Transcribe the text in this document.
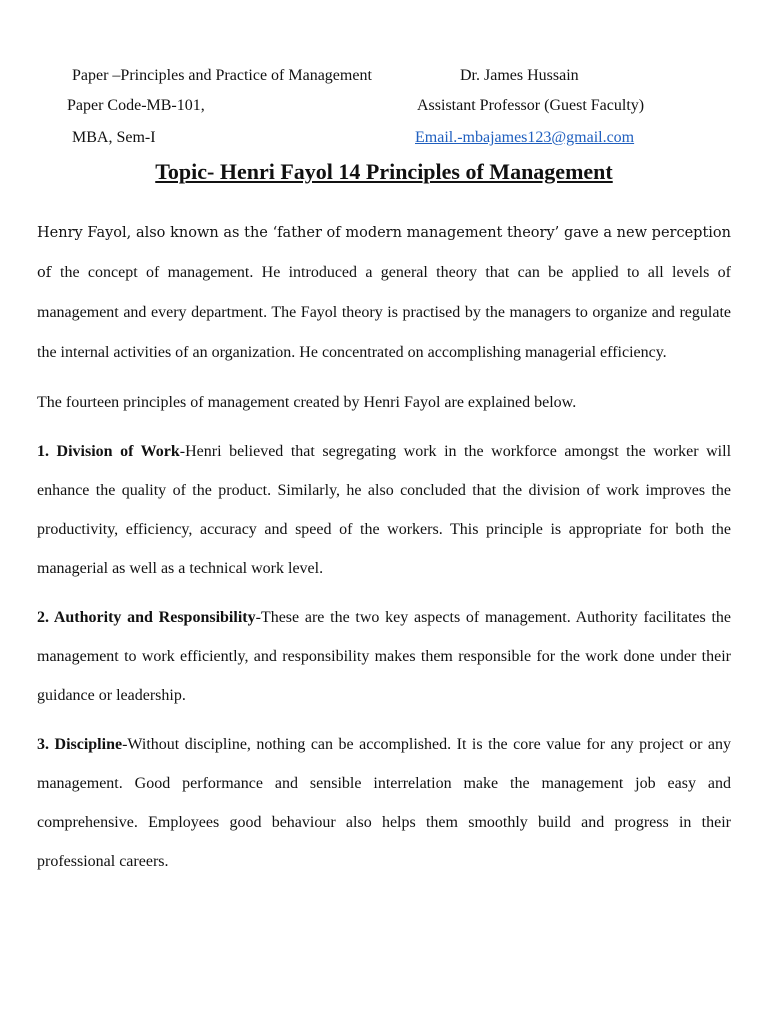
Paper –Principles and Practice of Management	Dr. James Hussain
Paper Code-MB-101,	Assistant Professor (Guest Faculty)
MBA, Sem-I	Email.-mbajames123@gmail.com
Topic- Henri Fayol 14 Principles of Management

Henry Fayol, also known as the ‘father of modern management theory’ gave a new perception of the concept of management. He introduced a general theory that can be applied to all levels of management and every department. The Fayol theory is practised by the managers to organize and regulate the internal activities of an organization. He concentrated on accomplishing managerial efficiency.

The fourteen principles of management created by Henri Fayol are explained below.

1. Division of Work-Henri believed that segregating work in the workforce amongst the worker will enhance the quality of the product. Similarly, he also concluded that the division of work improves the productivity, efficiency, accuracy and speed of the workers. This principle is appropriate for both the managerial as well as a technical work level.

2. Authority and Responsibility-These are the two key aspects of management. Authority facilitates the management to work efficiently, and responsibility makes them responsible for the work done under their guidance or leadership.

3. Discipline-Without discipline, nothing can be accomplished. It is the core value for any project or any management. Good performance and sensible interrelation make the management job easy and comprehensive. Employees good behaviour also helps them smoothly build and progress in their professional careers.
